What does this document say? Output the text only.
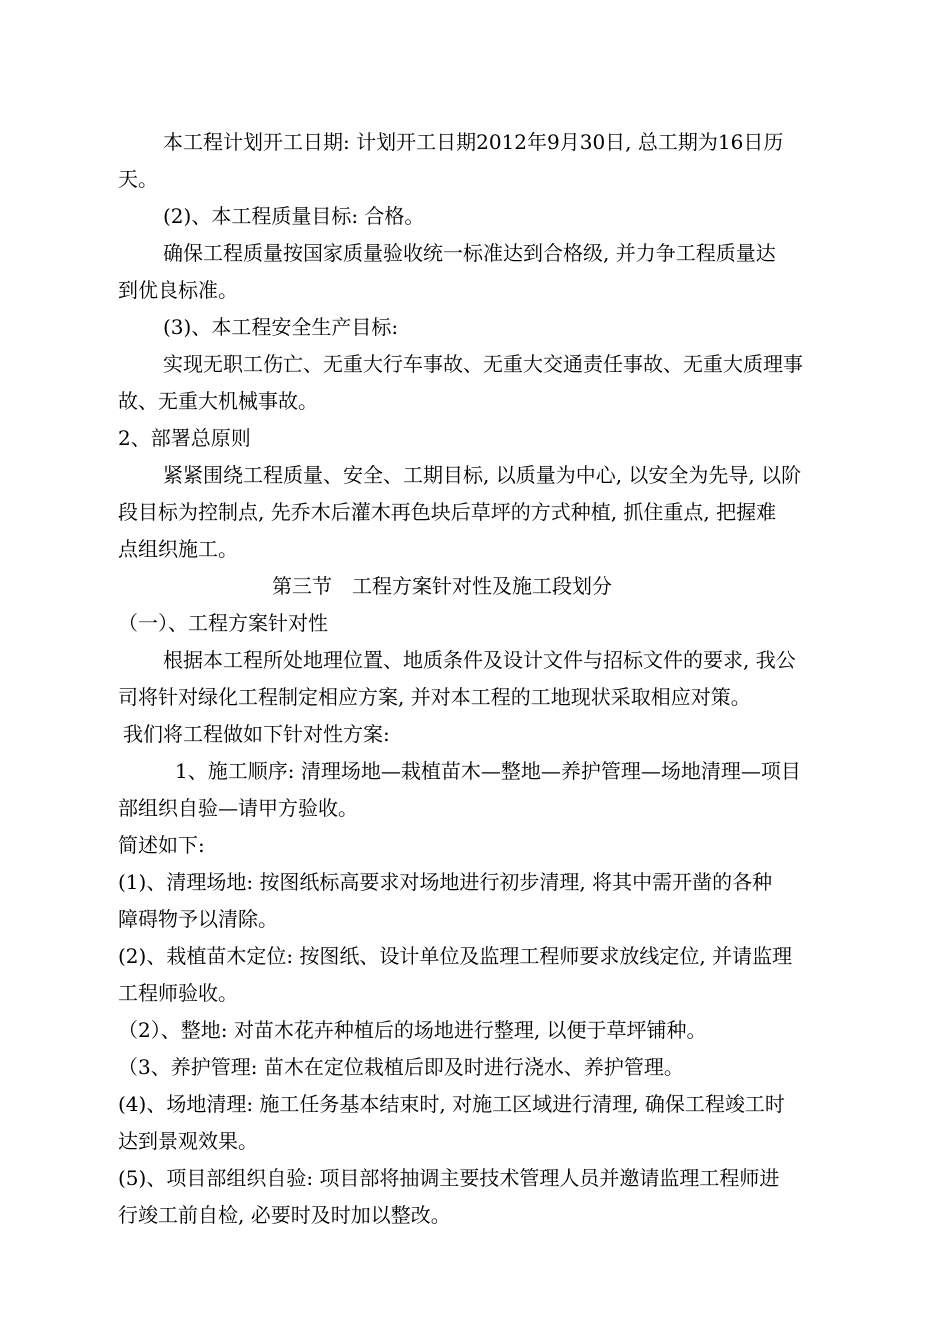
本工程计划开工日期: 计划开工日期2012年9月30日, 总工期为16日历
天。
(2)、本工程质量目标: 合格。
确保工程质量按国家质量验收统一标准达到合格级, 并力争工程质量达
到优良标准。
(3)、本工程安全生产目标:
实现无职工伤亡、无重大行车事故、无重大交通责任事故、无重大质理事
故、无重大机械事故。
2、部署总原则
紧紧围绕工程质量、安全、工期目标, 以质量为中心, 以安全为先导, 以阶
段目标为控制点, 先乔木后灌木再色块后草坪的方式种植, 抓住重点, 把握难
点组织施工。
第三节　工程方案针对性及施工段划分
（一）、工程方案针对性
根据本工程所处地理位置、地质条件及设计文件与招标文件的要求, 我公
司将针对绿化工程制定相应方案, 并对本工程的工地现状采取相应对策。
我们将工程做如下针对性方案:
1、施工顺序: 清理场地—栽植苗木—整地—养护管理—场地清理—项目
部组织自验—请甲方验收。
简述如下:
(1)、清理场地: 按图纸标高要求对场地进行初步清理, 将其中需开凿的各种
障碍物予以清除。
(2)、栽植苗木定位: 按图纸、设计单位及监理工程师要求放线定位, 并请监理
工程师验收。
（2）、整地: 对苗木花卉种植后的场地进行整理, 以便于草坪铺种。
（3、养护管理: 苗木在定位栽植后即及时进行浇水、养护管理。
(4)、场地清理: 施工任务基本结束时, 对施工区域进行清理, 确保工程竣工时
达到景观效果。
(5)、项目部组织自验: 项目部将抽调主要技术管理人员并邀请监理工程师进
行竣工前自检, 必要时及时加以整改。
